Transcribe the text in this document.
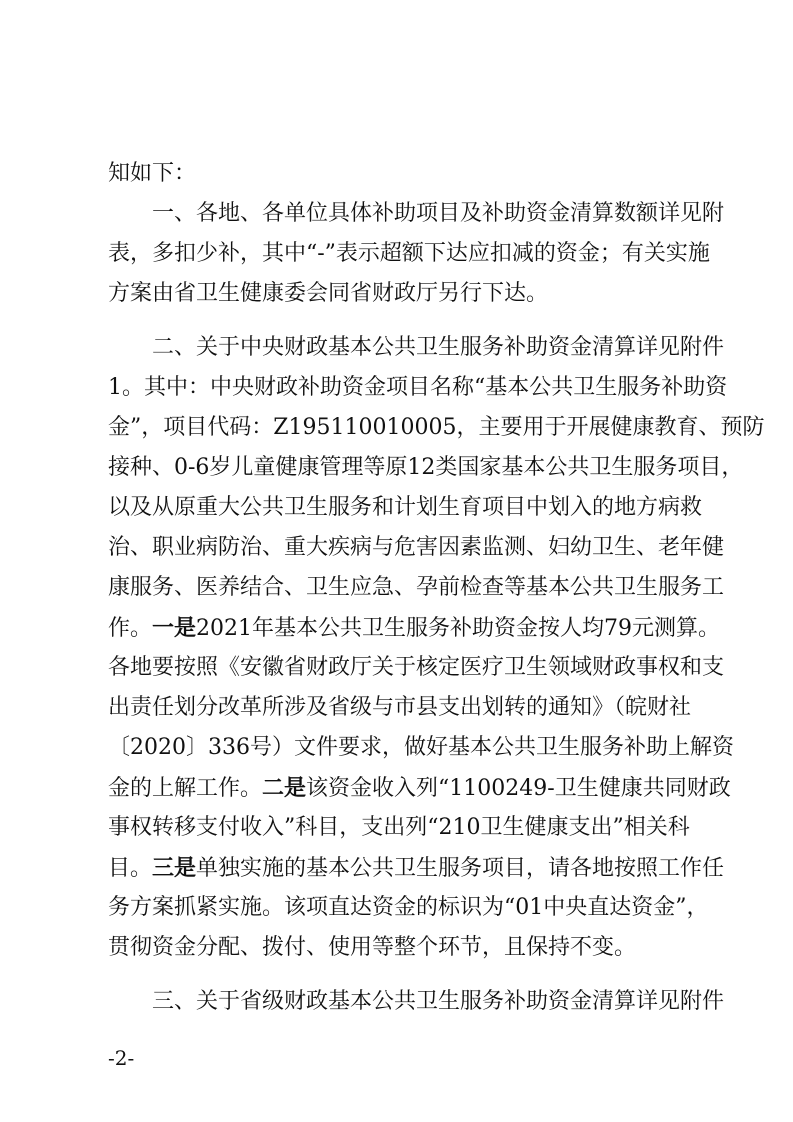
知如下：
一、各地、各单位具体补助项目及补助资金清算数额详见附
表，多扣少补，其中“-”表示超额下达应扣减的资金；有关实施
方案由省卫生健康委会同省财政厅另行下达。
二、关于中央财政基本公共卫生服务补助资金清算详见附件
1。其中：中央财政补助资金项目名称“基本公共卫生服务补助资
金”，项目代码：Z195110010005，主要用于开展健康教育、预防
接种、0-6岁儿童健康管理等原12类国家基本公共卫生服务项目，
以及从原重大公共卫生服务和计划生育项目中划入的地方病救
治、职业病防治、重大疾病与危害因素监测、妇幼卫生、老年健
康服务、医养结合、卫生应急、孕前检查等基本公共卫生服务工
作。一是2021年基本公共卫生服务补助资金按人均79元测算。
各地要按照《安徽省财政厅关于核定医疗卫生领域财政事权和支
出责任划分改革所涉及省级与市县支出划转的通知》（皖财社
〔2020〕336号）文件要求，做好基本公共卫生服务补助上解资
金的上解工作。二是该资金收入列“1100249-卫生健康共同财政
事权转移支付收入”科目，支出列“210卫生健康支出”相关科
目。三是单独实施的基本公共卫生服务项目，请各地按照工作任
务方案抓紧实施。该项直达资金的标识为“01中央直达资金”，
贯彻资金分配、拨付、使用等整个环节，且保持不变。
三、关于省级财政基本公共卫生服务补助资金清算详见附件
-2-
